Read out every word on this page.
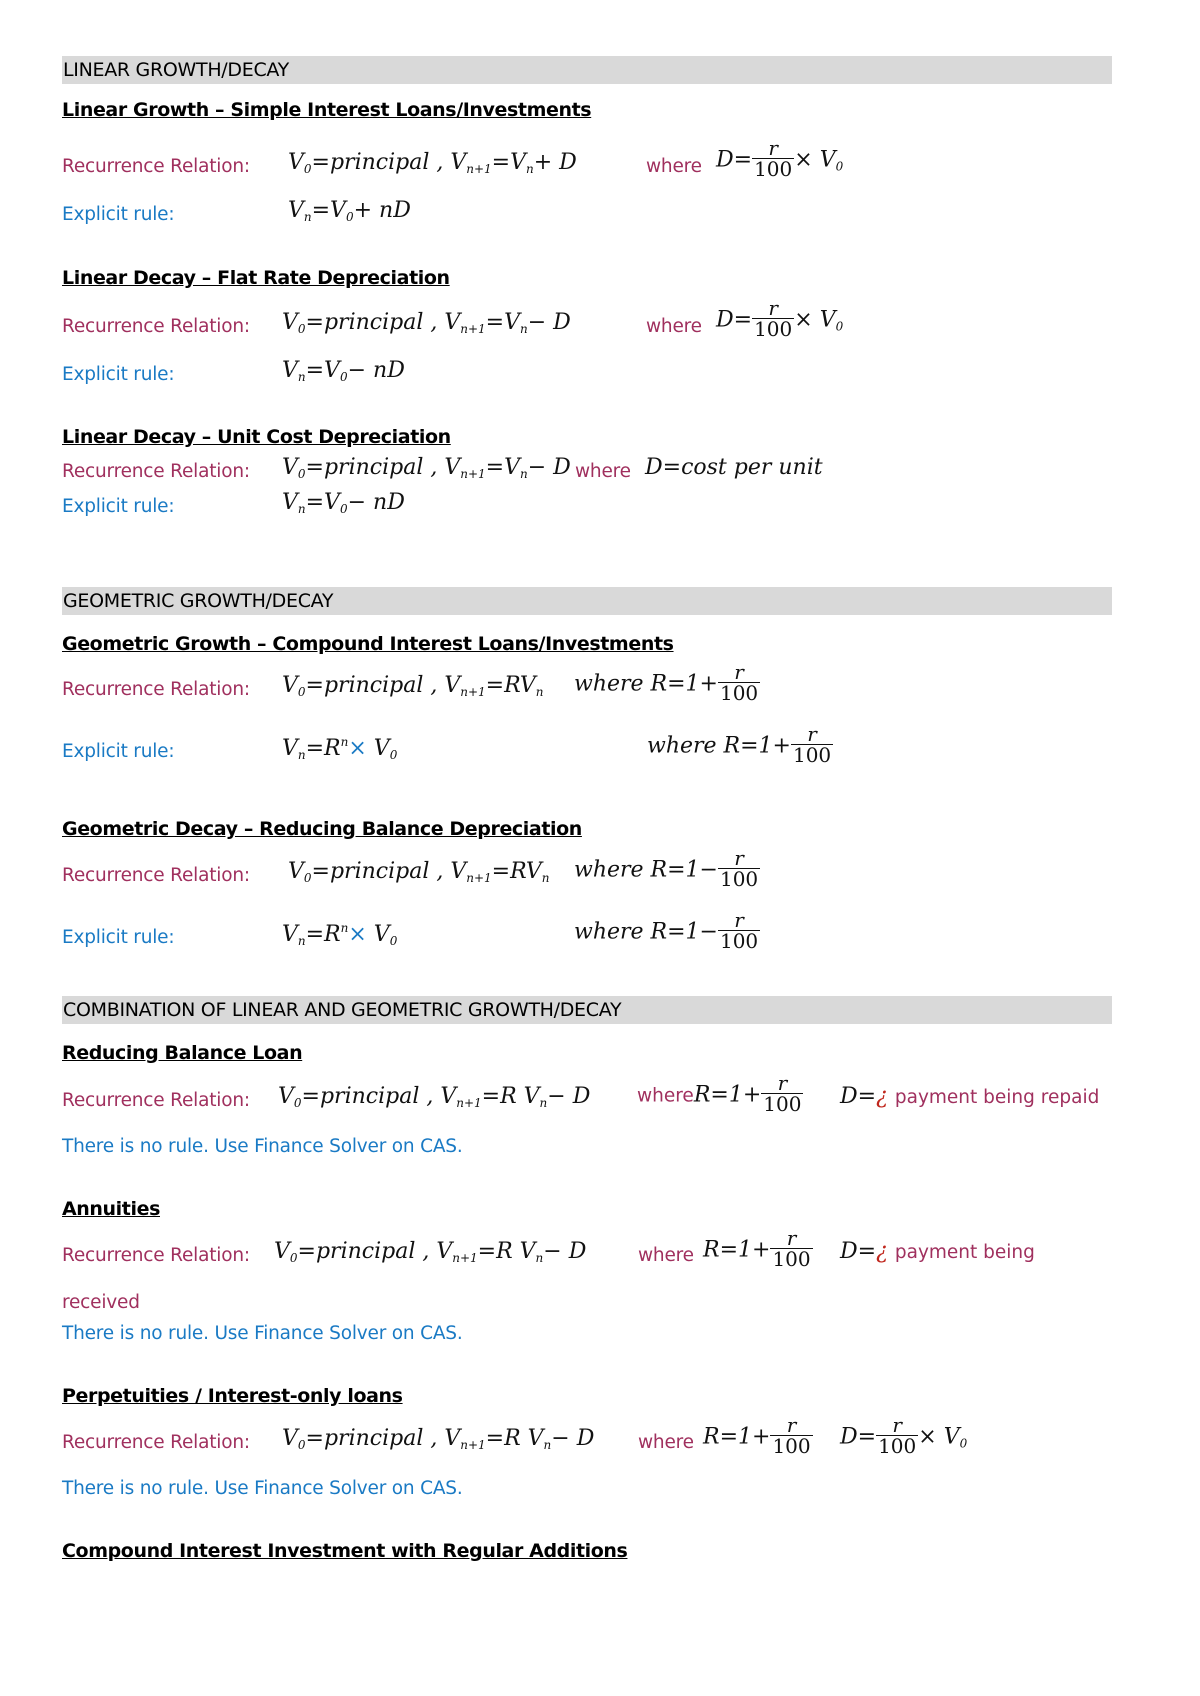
LINEAR GROWTH/DECAY
Linear Growth – Simple Interest Loans/Investments
Recurrence Relation: $V_0=principal$ , $V_{n+1}=V_n+ D$	where $D= \frac{r}{100} \times V_0$
Explicit rule:	$V_n=V_0+$ nD
Linear Decay – Flat Rate Depreciation
Recurrence Relation: $V_0=principal$ , $V_{n+1}=V_n- D$	where $D= \frac{r}{100} \times V_0$
Explicit rule:	$V_n=V_0-$ nD
Linear Decay – Unit Cost Depreciation
Recurrence Relation: $V_0=principal$ , $V_{n+1}=V_n- D$ where D=cost per unit
Explicit rule:	$V_n=V_0-$ nD
GEOMETRIC GROWTH/DECAY
Geometric Growth – Compound Interest Loans/Investments
Recurrence Relation: $V_0=principal$ , $V_{n+1}=RV_n$ where $R=1+ \frac{r}{100}$
Explicit rule:	$V_n=R^n\times V_0$	where $R=1+ \frac{r}{100}$
Geometric Decay – Reducing Balance Depreciation
Recurrence Relation: $V_0=principal$ , $V_{n+1}=RV_n$ where $R=1- \frac{r}{100}$
Explicit rule:	$V_n=R^n\times V_0$	where $R=1- \frac{r}{100}$
COMBINATION OF LINEAR AND GEOMETRIC GROWTH/DECAY
Reducing Balance Loan
Recurrence Relation: $V_0=principal$ , $V_{n+1}=R$ $V_n- D$	whereR=1+ $\frac{r}{100}$ D=¿ payment being repaid
There is no rule. Use Finance Solver on CAS.
Annuities
Recurrence Relation: $V_0=principal$ , $V_{n+1}=R$ $V_n- D$	where $R=1+ \frac{r}{100}$ D=¿ payment being
received
There is no rule. Use Finance Solver on CAS.
Perpetuities / Interest-only loans
Recurrence Relation: $V_0=principal$ , $V_{n+1}=R$ $V_n- D$ where $R=1+ \frac{r}{100} D= \frac{r}{100} \times V_0$
There is no rule. Use Finance Solver on CAS.
Compound Interest Investment with Regular Additions
